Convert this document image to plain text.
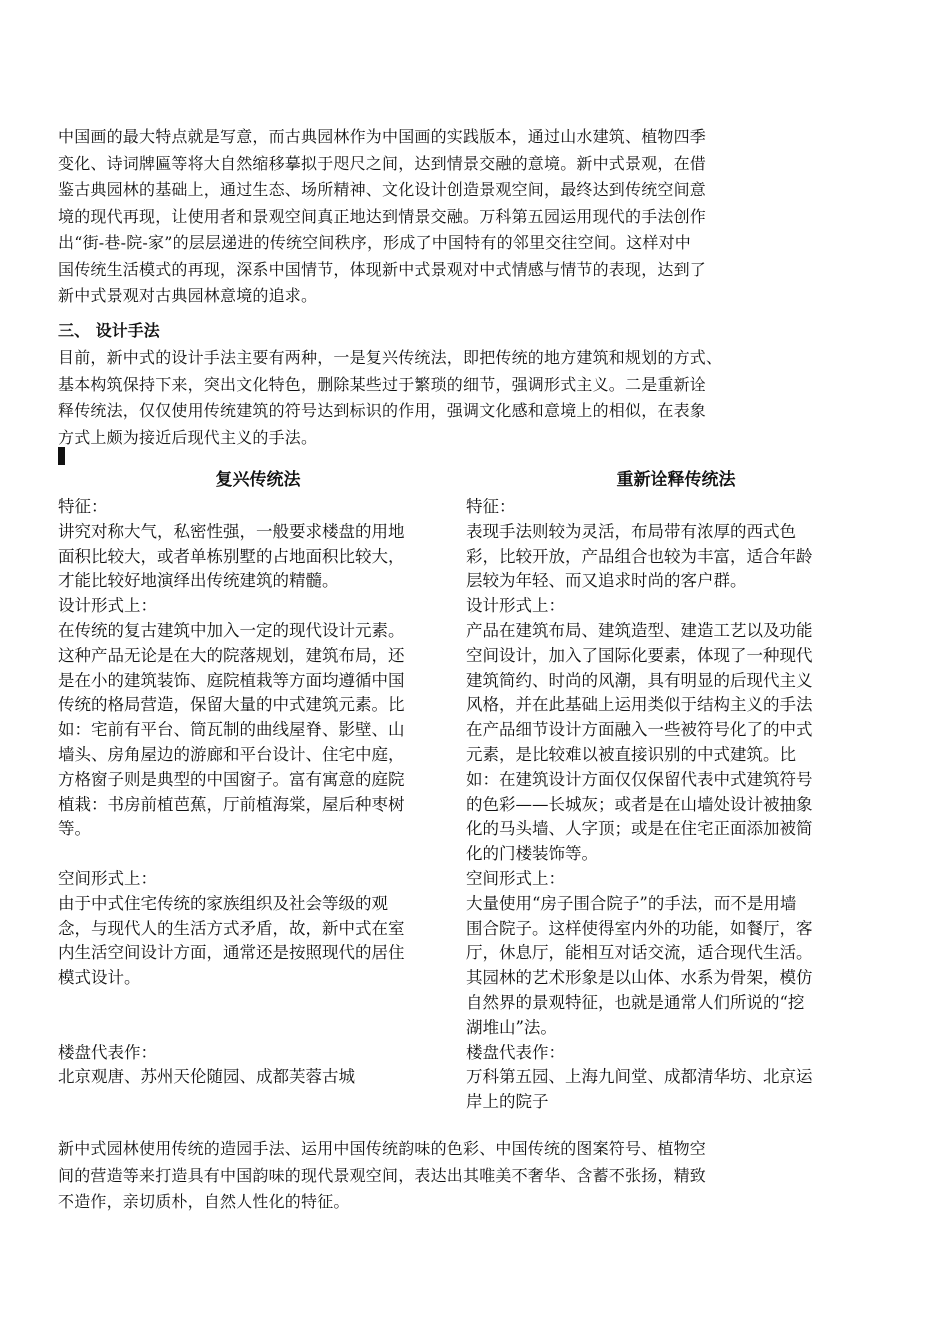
中国画的最大特点就是写意，而古典园林作为中国画的实践版本，通过山水建筑、植物四季
变化、诗词牌匾等将大自然缩移摹拟于咫尺之间，达到情景交融的意境。新中式景观，在借
鉴古典园林的基础上，通过生态、场所精神、文化设计创造景观空间，最终达到传统空间意
境的现代再现，让使用者和景观空间真正地达到情景交融。万科第五园运用现代的手法创作
出“街-巷-院-家”的层层递进的传统空间秩序，形成了中国特有的邻里交往空间。这样对中
国传统生活模式的再现，深系中国情节，体现新中式景观对中式情感与情节的表现，达到了
新中式景观对古典园林意境的追求。
三、 设计手法
目前，新中式的设计手法主要有两种，一是复兴传统法，即把传统的地方建筑和规划的方式、
基本构筑保持下来，突出文化特色，删除某些过于繁琐的细节，强调形式主义。二是重新诠
释传统法，仅仅使用传统建筑的符号达到标识的作用，强调文化感和意境上的相似，在表象
方式上颇为接近后现代主义的手法。
复兴传统法
特征：
讲究对称大气，私密性强，一般要求楼盘的用地
面积比较大，或者单栋别墅的占地面积比较大，
才能比较好地演绎出传统建筑的精髓。
设计形式上：
在传统的复古建筑中加入一定的现代设计元素。
这种产品无论是在大的院落规划，建筑布局，还
是在小的建筑装饰、庭院植栽等方面均遵循中国
传统的格局营造，保留大量的中式建筑元素。比
如：宅前有平台、筒瓦制的曲线屋脊、影壁、山
墙头、房角屋边的游廊和平台设计、住宅中庭，
方格窗子则是典型的中国窗子。富有寓意的庭院
植栽：书房前植芭蕉，厅前植海棠，屋后种枣树
等。
空间形式上：
由于中式住宅传统的家族组织及社会等级的观
念，与现代人的生活方式矛盾，故，新中式在室
内生活空间设计方面，通常还是按照现代的居住
模式设计。
楼盘代表作：
北京观唐、苏州天伦随园、成都芙蓉古城
重新诠释传统法
特征：
表现手法则较为灵活，布局带有浓厚的西式色
彩，比较开放，产品组合也较为丰富，适合年龄
层较为年轻、而又追求时尚的客户群。
设计形式上：
产品在建筑布局、建筑造型、建造工艺以及功能
空间设计，加入了国际化要素，体现了一种现代
建筑简约、时尚的风潮，具有明显的后现代主义
风格，并在此基础上运用类似于结构主义的手法
在产品细节设计方面融入一些被符号化了的中式
元素，是比较难以被直接识别的中式建筑。比
如：在建筑设计方面仅仅保留代表中式建筑符号
的色彩——长城灰；或者是在山墙处设计被抽象
化的马头墙、人字顶；或是在住宅正面添加被简
化的门楼装饰等。
空间形式上：
大量使用“房子围合院子”的手法，而不是用墙
围合院子。这样使得室内外的功能，如餐厅，客
厅，休息厅，能相互对话交流，适合现代生活。
其园林的艺术形象是以山体、水系为骨架，模仿
自然界的景观特征，也就是通常人们所说的“挖
湖堆山”法。
楼盘代表作：
万科第五园、上海九间堂、成都清华坊、北京运
岸上的院子
新中式园林使用传统的造园手法、运用中国传统韵味的色彩、中国传统的图案符号、植物空
间的营造等来打造具有中国韵味的现代景观空间，表达出其唯美不奢华、含蓄不张扬，精致
不造作，亲切质朴，自然人性化的特征。
